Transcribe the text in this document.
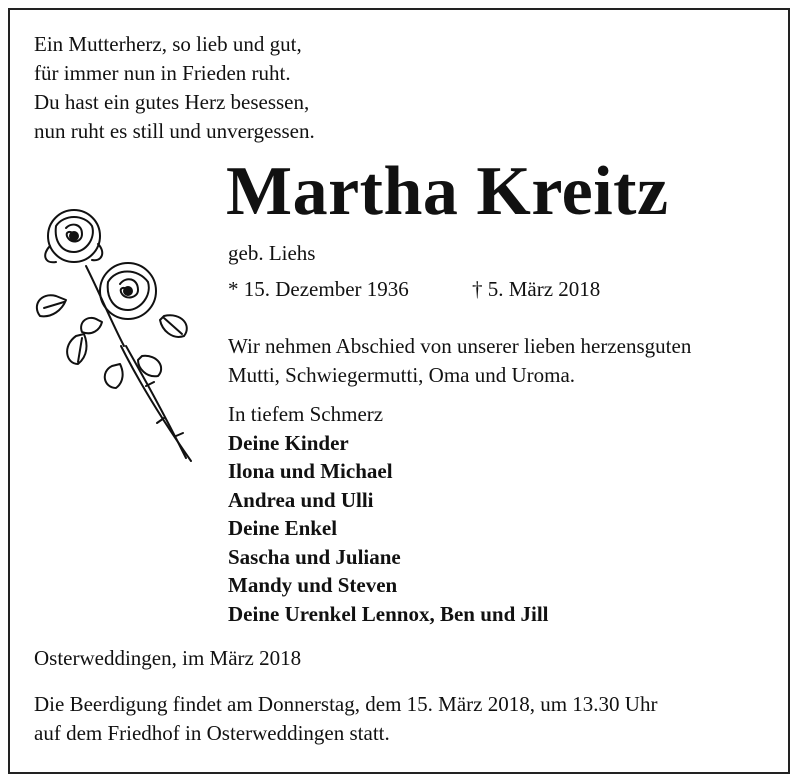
Ein Mutterherz, so lieb und gut,
für immer nun in Frieden ruht.
Du hast ein gutes Herz besessen,
nun ruht es still und unvergessen.
Martha Kreitz
geb. Liehs
* 15. Dezember 1936	† 5. März 2018
Wir nehmen Abschied von unserer lieben herzensguten
Mutti, Schwiegermutti, Oma und Uroma.
In tiefem Schmerz
Deine Kinder
Ilona und Michael
Andrea und Ulli
Deine Enkel
Sascha und Juliane
Mandy und Steven
Deine Urenkel Lennox, Ben und Jill
Osterweddingen, im März 2018
Die Beerdigung findet am Donnerstag, dem 15. März 2018, um 13.30 Uhr
auf dem Friedhof in Osterweddingen statt.
